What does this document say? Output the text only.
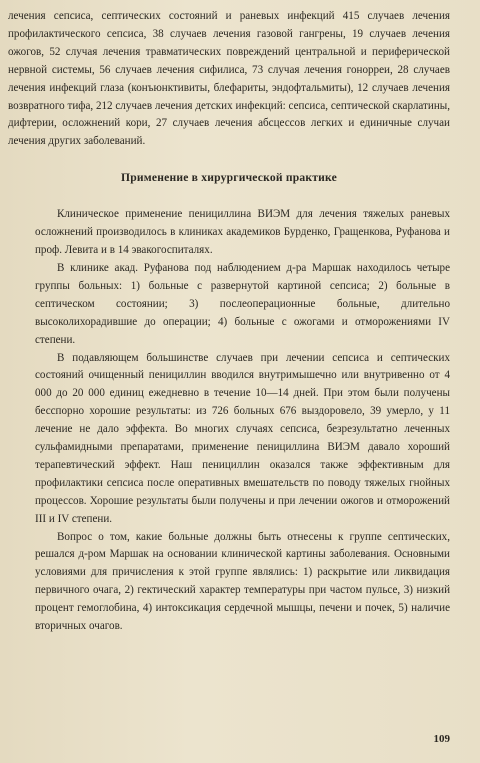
лечения сепсиса, септических состояний и раневых инфекций 415 случаев лечения профилактического сепсиса, 38 случаев лечения газовой гангрены, 19 случаев лечения ожогов, 52 случая лечения травматических повреждений центральной и периферической нервной системы, 56 случаев лечения сифилиса, 73 случая лечения гонорреи, 28 случаев лечения инфекций глаза (конъюнктивиты, блефариты, эндофтальмиты), 12 случаев лечения возвратного тифа, 212 случаев лечения детских инфекций: сепсиса, септической скарлатины, дифтерии, осложнений кори, 27 случаев лечения абсцессов легких и единичные случаи лечения других заболеваний.

Применение в хирургической практике

Клиническое применение пенициллина ВИЭМ для лечения тяжелых раневых осложнений производилось в клиниках академиков Бурденко, Гращенкова, Руфанова и проф. Левита и в 14 эвакогоспиталях.

В клинике акад. Руфанова под наблюдением д-ра Маршак находилось четыре группы больных: 1) больные с развернутой картиной сепсиса; 2) больные в септическом состоянии; 3) послеоперационные больные, длительно высоколихорадившие до операции; 4) больные с ожогами и отморожениями IV степени.

В подавляющем большинстве случаев при лечении сепсиса и септических состояний очищенный пенициллин вводился внутримышечно или внутривенно от 4 000 до 20 000 единиц ежедневно в течение 10—14 дней. При этом были получены бесспорно хорошие результаты: из 726 больных 676 выздоровело, 39 умерло, у 11 лечение не дало эффекта. Во многих случаях сепсиса, безрезультатно леченных сульфамидными препаратами, применение пенициллина ВИЭМ давало хороший терапевтический эффект. Наш пенициллин оказался также эффективным для профилактики сепсиса после оперативных вмешательств по поводу тяжелых гнойных процессов. Хорошие результаты были получены и при лечении ожогов и отморожений III и IV степени.

Вопрос о том, какие больные должны быть отнесены к группе септических, решался д-ром Маршак на основании клинической картины заболевания. Основными условиями для причисления к этой группе являлись: 1) раскрытие или ликвидация первичного очага, 2) гектический характер температуры при частом пульсе, 3) низкий процент гемоглобина, 4) интоксикация сердечной мышцы, печени и почек, 5) наличие вторичных очагов.

109
